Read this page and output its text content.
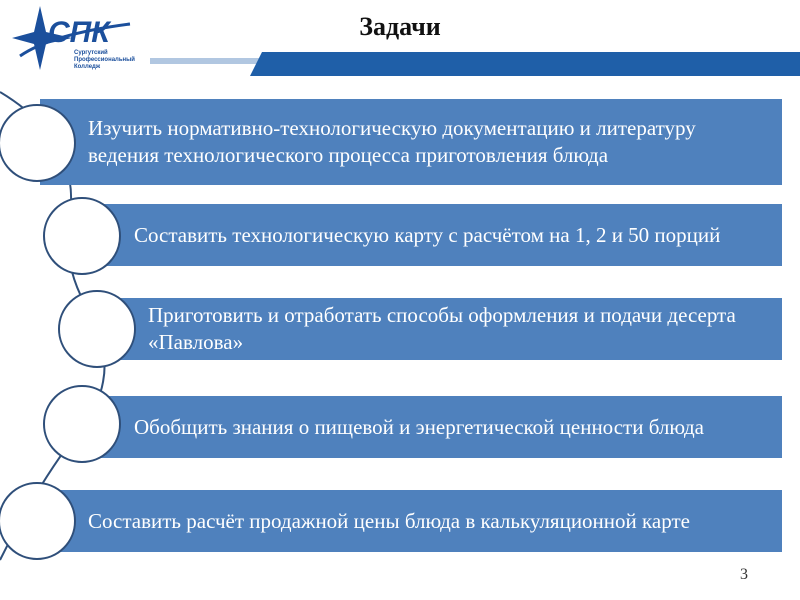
СПК
Сургутский
Профессиональный
Колледж
Задачи
Изучить нормативно-технологическую документацию и литературу ведения технологического процесса приготовления блюда
Составить технологическую карту с расчётом на 1, 2 и 50 порций
Приготовить и отработать способы оформления и подачи десерта «Павлова»
Обобщить знания о пищевой и энергетической ценности блюда
Составить расчёт продажной цены блюда в калькуляционной карте
3
